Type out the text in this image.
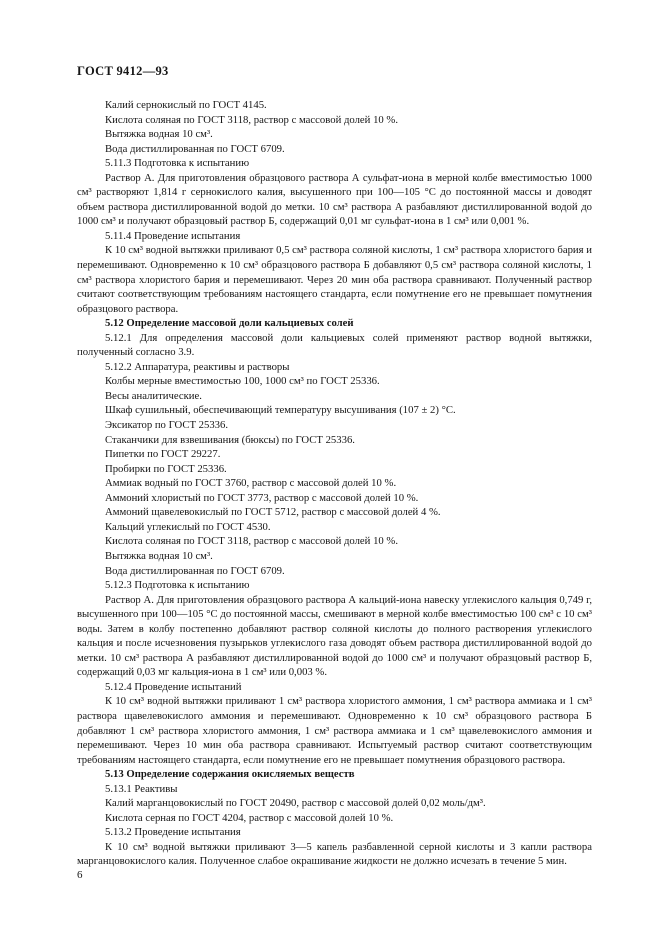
ГОСТ 9412—93
Калий сернокислый по ГОСТ 4145.
Кислота соляная по ГОСТ 3118, раствор с массовой долей 10 %.
Вытяжка водная 10 см³.
Вода дистиллированная по ГОСТ 6709.
5.11.3 Подготовка к испытанию
Раствор А. Для приготовления образцового раствора А сульфат-иона в мерной колбе вместимостью 1000 см³ растворяют 1,814 г сернокислого калия, высушенного при 100—105 °С до постоянной массы и доводят объем раствора дистиллированной водой до метки. 10 см³ раствора А разбавляют дистиллированной водой до 1000 см³ и получают образцовый раствор Б, содержащий 0,01 мг сульфат-иона в 1 см³ или 0,001 %.
5.11.4 Проведение испытания
К 10 см³ водной вытяжки приливают 0,5 см³ раствора соляной кислоты, 1 см³ раствора хлористого бария и перемешивают. Одновременно к 10 см³ образцового раствора Б добавляют 0,5 см³ раствора соляной кислоты, 1 см³ раствора хлористого бария и перемешивают. Через 20 мин оба раствора сравнивают. Полученный раствор считают соответствующим требованиям настоящего стандарта, если помутнение его не превышает помутнения образцового раствора.
5.12 Определение массовой доли кальциевых солей
5.12.1 Для определения массовой доли кальциевых солей применяют раствор водной вытяжки, полученный согласно 3.9.
5.12.2 Аппаратура, реактивы и растворы
Колбы мерные вместимостью 100, 1000 см³ по ГОСТ 25336.
Весы аналитические.
Шкаф сушильный, обеспечивающий температуру высушивания (107 ± 2) °С.
Эксикатор по ГОСТ 25336.
Стаканчики для взвешивания (бюксы) по ГОСТ 25336.
Пипетки по ГОСТ 29227.
Пробирки по ГОСТ 25336.
Аммиак водный по ГОСТ 3760, раствор с массовой долей 10 %.
Аммоний хлористый по ГОСТ 3773, раствор с массовой долей 10 %.
Аммоний щавелевокислый по ГОСТ 5712, раствор с массовой долей 4 %.
Кальций углекислый по ГОСТ 4530.
Кислота соляная по ГОСТ 3118, раствор с массовой долей 10 %.
Вытяжка водная 10 см³.
Вода дистиллированная по ГОСТ 6709.
5.12.3 Подготовка к испытанию
Раствор А. Для приготовления образцового раствора А кальций-иона навеску углекислого кальция 0,749 г, высушенного при 100—105 °С до постоянной массы, смешивают в мерной колбе вместимостью 100 см³ с 10 см³ воды. Затем в колбу постепенно добавляют раствор соляной кислоты до полного растворения углекислого кальция и после исчезновения пузырьков углекислого газа доводят объем раствора дистиллированной водой до метки. 10 см³ раствора А разбавляют дистиллированной водой до 1000 см³ и получают образцовый раствор Б, содержащий 0,03 мг кальция-иона в 1 см³ или 0,003 %.
5.12.4 Проведение испытаний
К 10 см³ водной вытяжки приливают 1 см³ раствора хлористого аммония, 1 см³ раствора аммиака и 1 см³ раствора щавелевокислого аммония и перемешивают. Одновременно к 10 см³ образцового раствора Б добавляют 1 см³ раствора хлористого аммония, 1 см³ раствора аммиака и 1 см³ щавелевокислого аммония и перемешивают. Через 10 мин оба раствора сравнивают. Испытуемый раствор считают соответствующим требованиям настоящего стандарта, если помутнение его не превышает помутнения образцового раствора.
5.13 Определение содержания окисляемых веществ
5.13.1 Реактивы
Калий марганцовокислый по ГОСТ 20490, раствор с массовой долей 0,02 моль/дм³.
Кислота серная по ГОСТ 4204, раствор с массовой долей 10 %.
5.13.2 Проведение испытания
К 10 см³ водной вытяжки приливают 3—5 капель разбавленной серной кислоты и 3 капли раствора марганцовокислого калия. Полученное слабое окрашивание жидкости не должно исчезать в течение 5 мин.
6
